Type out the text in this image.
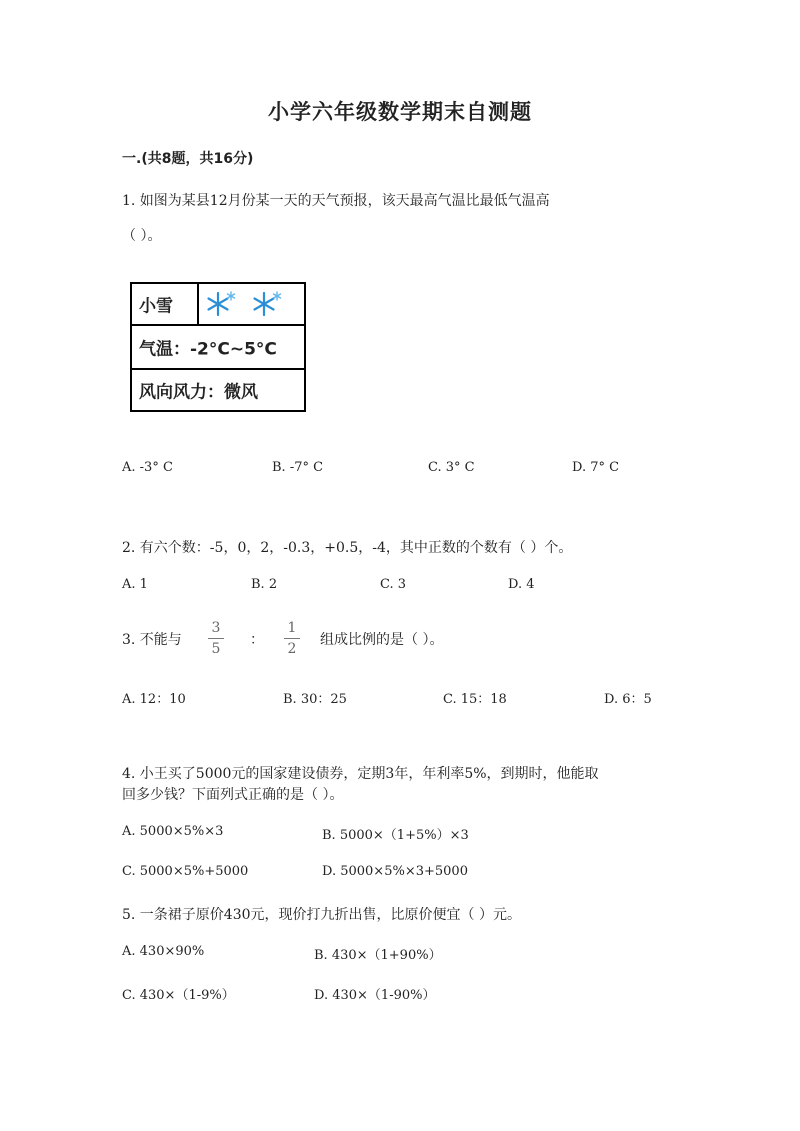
小学六年级数学期末自测题
一.(共8题，共16分)
1. 如图为某县12月份某一天的天气预报，该天最高气温比最低气温高
（ ）。
小雪
气温：-2°C~5°C
风向风力：微风
A. -3° C	B. -7° C	C. 3° C	D. 7° C
2. 有六个数：-5，0，2，-0.3，+0.5，-4，其中正数的个数有（ ）个。
A. 1	B. 2	C. 3	D. 4
3. 不能与
3
5
：
1
2
组成比例的是（ ）。
A. 12：10	B. 30：25	C. 15：18	D. 6：5
4. 小王买了5000元的国家建设债券，定期3年，年利率5%，到期时，他能取
回多少钱？下面列式正确的是（ ）。
A. 5000×5%×3	B. 5000×（1+5%）×3
C. 5000×5%+5000	D. 5000×5%×3+5000
5. 一条裙子原价430元，现价打九折出售，比原价便宜（ ）元。
A. 430×90%	B. 430×（1+90%）
C. 430×（1-9%）	D. 430×（1-90%）
